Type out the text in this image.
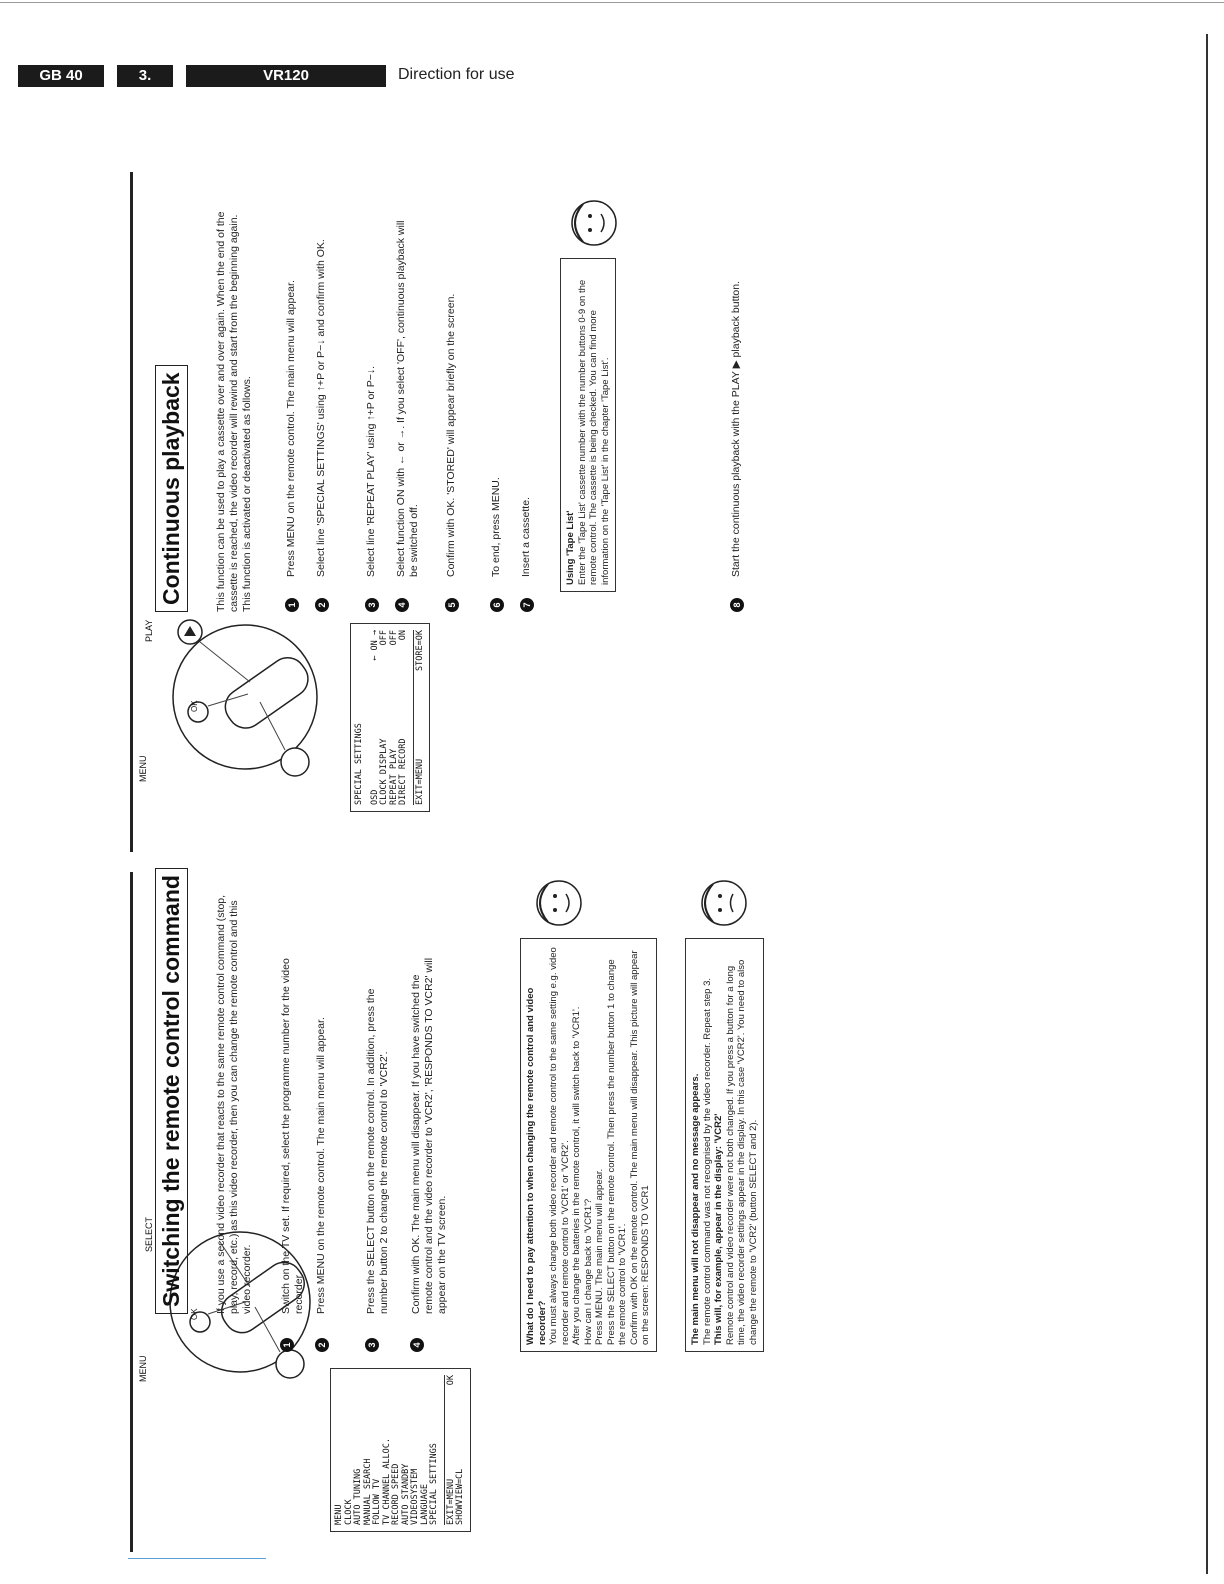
GB 40	3.	VR120	Direction for use
MENU
SELECT
OK
MENU CLOCK AUTO TUNING MANUAL SEARCH FOLLOW TV TV CHANNEL ALLOC. RECORD SPEED AUTO STANDBY VIDEOSYSTEM LANGUAGE SPECIAL SETTINGS EXIT=MENU
OK
SHOWVIEW=CL
Switching the remote control command	If you use a second video recorder that reacts to the same remote control command (stop, play, record, etc.) as this video recorder, then you can change the remote control and this video recorder.
1
Switch on the TV set. If required, select the programme number for the video recorder.
2
Press MENU on the remote control. The main menu will appear.
3
Press the SELECT button on the remote control. In addition, press the number button 2 to change the remote control to 'VCR2'.
4
Confirm with OK. The main menu will disappear. If you have switched the remote control and the video recorder to 'VCR2', 'RESPONDS TO VCR2' will appear on the TV screen.	What do I need to pay attention to when changing the remote control and video recorder? You must always change both video recorder and remote control to the same setting e.g. video recorder and remote control to 'VCR1' or 'VCR2'. After you change the batteries in the remote control, it will switch back to 'VCR1'. How can I change back to 'VCR1'? Press MENU. The main menu will appear. Press the SELECT button on the remote control. Then press the number button 1 to change the remote control to 'VCR1'. Confirm with OK on the remote control. The main menu will disappear. This picture will appear on the screen: RESPONDS TO VCR1	The main menu will not disappear and no message appears. The remote control command was not recognised by the video recorder. Repeat step 3. This will, for example, appear in the display: 'VCR2' Remote control and video recorder were not both changed. If you press a button for a long time, the video recorder settings appear in the display. In this case 'VCR2'. You need to also change the remote to 'VCR2' (button SELECT and 2).
MENU
PLAY
OK
SPECIAL SETTINGS OSD
← ON →
CLOCK DISPLAY
OFF
REPEAT PLAY
OFF
DIRECT RECORD
ON
EXIT=MENU
STORE=OK
Continuous playback	This function can be used to play a cassette over and over again. When the end of the cassette is reached, the video recorder will rewind and start from the beginning again. This function is activated or deactivated as follows.	1
Press MENU on the remote control. The main menu will appear.
2
Select line 'SPECIAL SETTINGS' using ↑+P or P−↓ and confirm with OK.
3
Select line 'REPEAT PLAY' using ↑+P or P−↓.
4
Select function ON with ← or →. If you select 'OFF', continuous playback will be switched off.
5
Confirm with OK. 'STORED' will appear briefly on the screen.
6
To end, press MENU.
7
Insert a cassette.
8
Start the continuous playback with the PLAY ▶ playback button.
Using 'Tape List' Enter the 'Tape List' cassette number with the number buttons 0-9 on the remote control. The cassette is being checked. You can find more information on the 'Tape List' in the chapter 'Tape List'.
